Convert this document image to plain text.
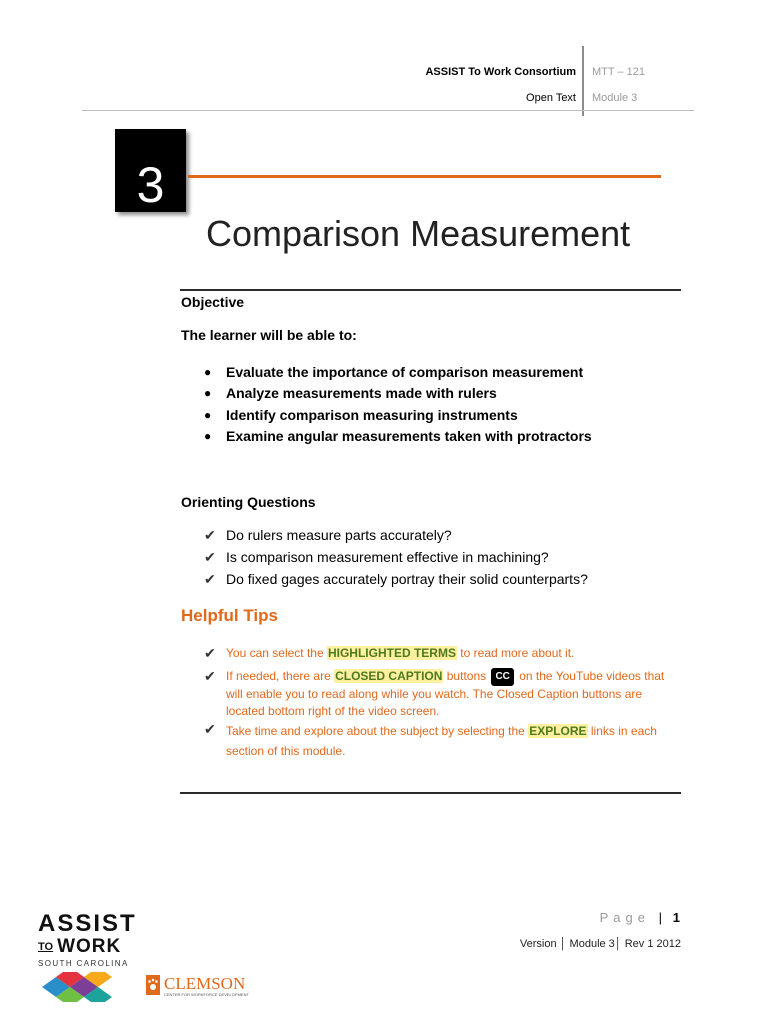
ASSIST To Work Consortium
Open Text
MTT – 121
Module 3
3
Comparison Measurement
Objective
The learner will be able to:
●	Evaluate the importance of comparison measurement
●	Analyze measurements made with rulers
●	Identify comparison measuring instruments
●	Examine angular measurements taken with protractors
Orienting Questions
✔ Do rulers measure parts accurately?
✔ Is comparison measurement effective in machining?
✔ Do fixed gages accurately portray their solid counterparts?
Helpful Tips
✔ You can select the HIGHLIGHTED TERMS to read more about it.
✔ If needed, there are CLOSED CAPTION buttons CC on the YouTube videos that will enable you to read along while you watch. The Closed Caption buttons are located bottom right of the video screen.
✔ Take time and explore about the subject by selecting the EXPLORE links in each section of this module.
Page | 1
Version │ Module 3│ Rev 1 2012
ASSIST
TO WORK
SOUTH CAROLINA
CLEMSON
CENTER FOR WORKFORCE DEVELOPMENT
